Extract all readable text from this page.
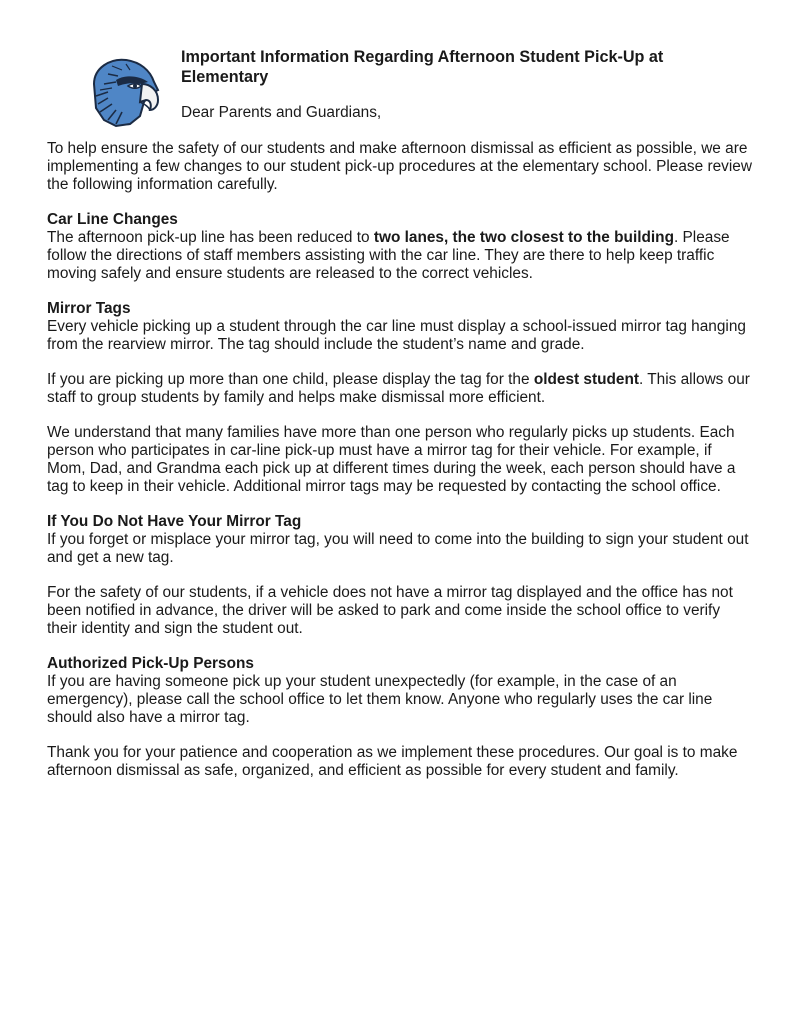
Important Information Regarding Afternoon Student Pick-Up at Elementary

Dear Parents and Guardians,

To help ensure the safety of our students and make afternoon dismissal as efficient as possible, we are implementing a few changes to our student pick-up procedures at the elementary school. Please review the following information carefully.

Car Line Changes

The afternoon pick-up line has been reduced to two lanes, the two closest to the building. Please follow the directions of staff members assisting with the car line. They are there to help keep traffic moving safely and ensure students are released to the correct vehicles.

Mirror Tags

Every vehicle picking up a student through the car line must display a school-issued mirror tag hanging from the rearview mirror. The tag should include the student’s name and grade.

If you are picking up more than one child, please display the tag for the oldest student. This allows our staff to group students by family and helps make dismissal more efficient.

We understand that many families have more than one person who regularly picks up students. Each person who participates in car-line pick-up must have a mirror tag for their vehicle. For example, if Mom, Dad, and Grandma each pick up at different times during the week, each person should have a tag to keep in their vehicle. Additional mirror tags may be requested by contacting the school office.

If You Do Not Have Your Mirror Tag

If you forget or misplace your mirror tag, you will need to come into the building to sign your student out and get a new tag.

For the safety of our students, if a vehicle does not have a mirror tag displayed and the office has not been notified in advance, the driver will be asked to park and come inside the school office to verify their identity and sign the student out.

Authorized Pick-Up Persons

If you are having someone pick up your student unexpectedly (for example, in the case of an emergency), please call the school office to let them know. Anyone who regularly uses the car line should also have a mirror tag.

Thank you for your patience and cooperation as we implement these procedures. Our goal is to make afternoon dismissal as safe, organized, and efficient as possible for every student and family.
